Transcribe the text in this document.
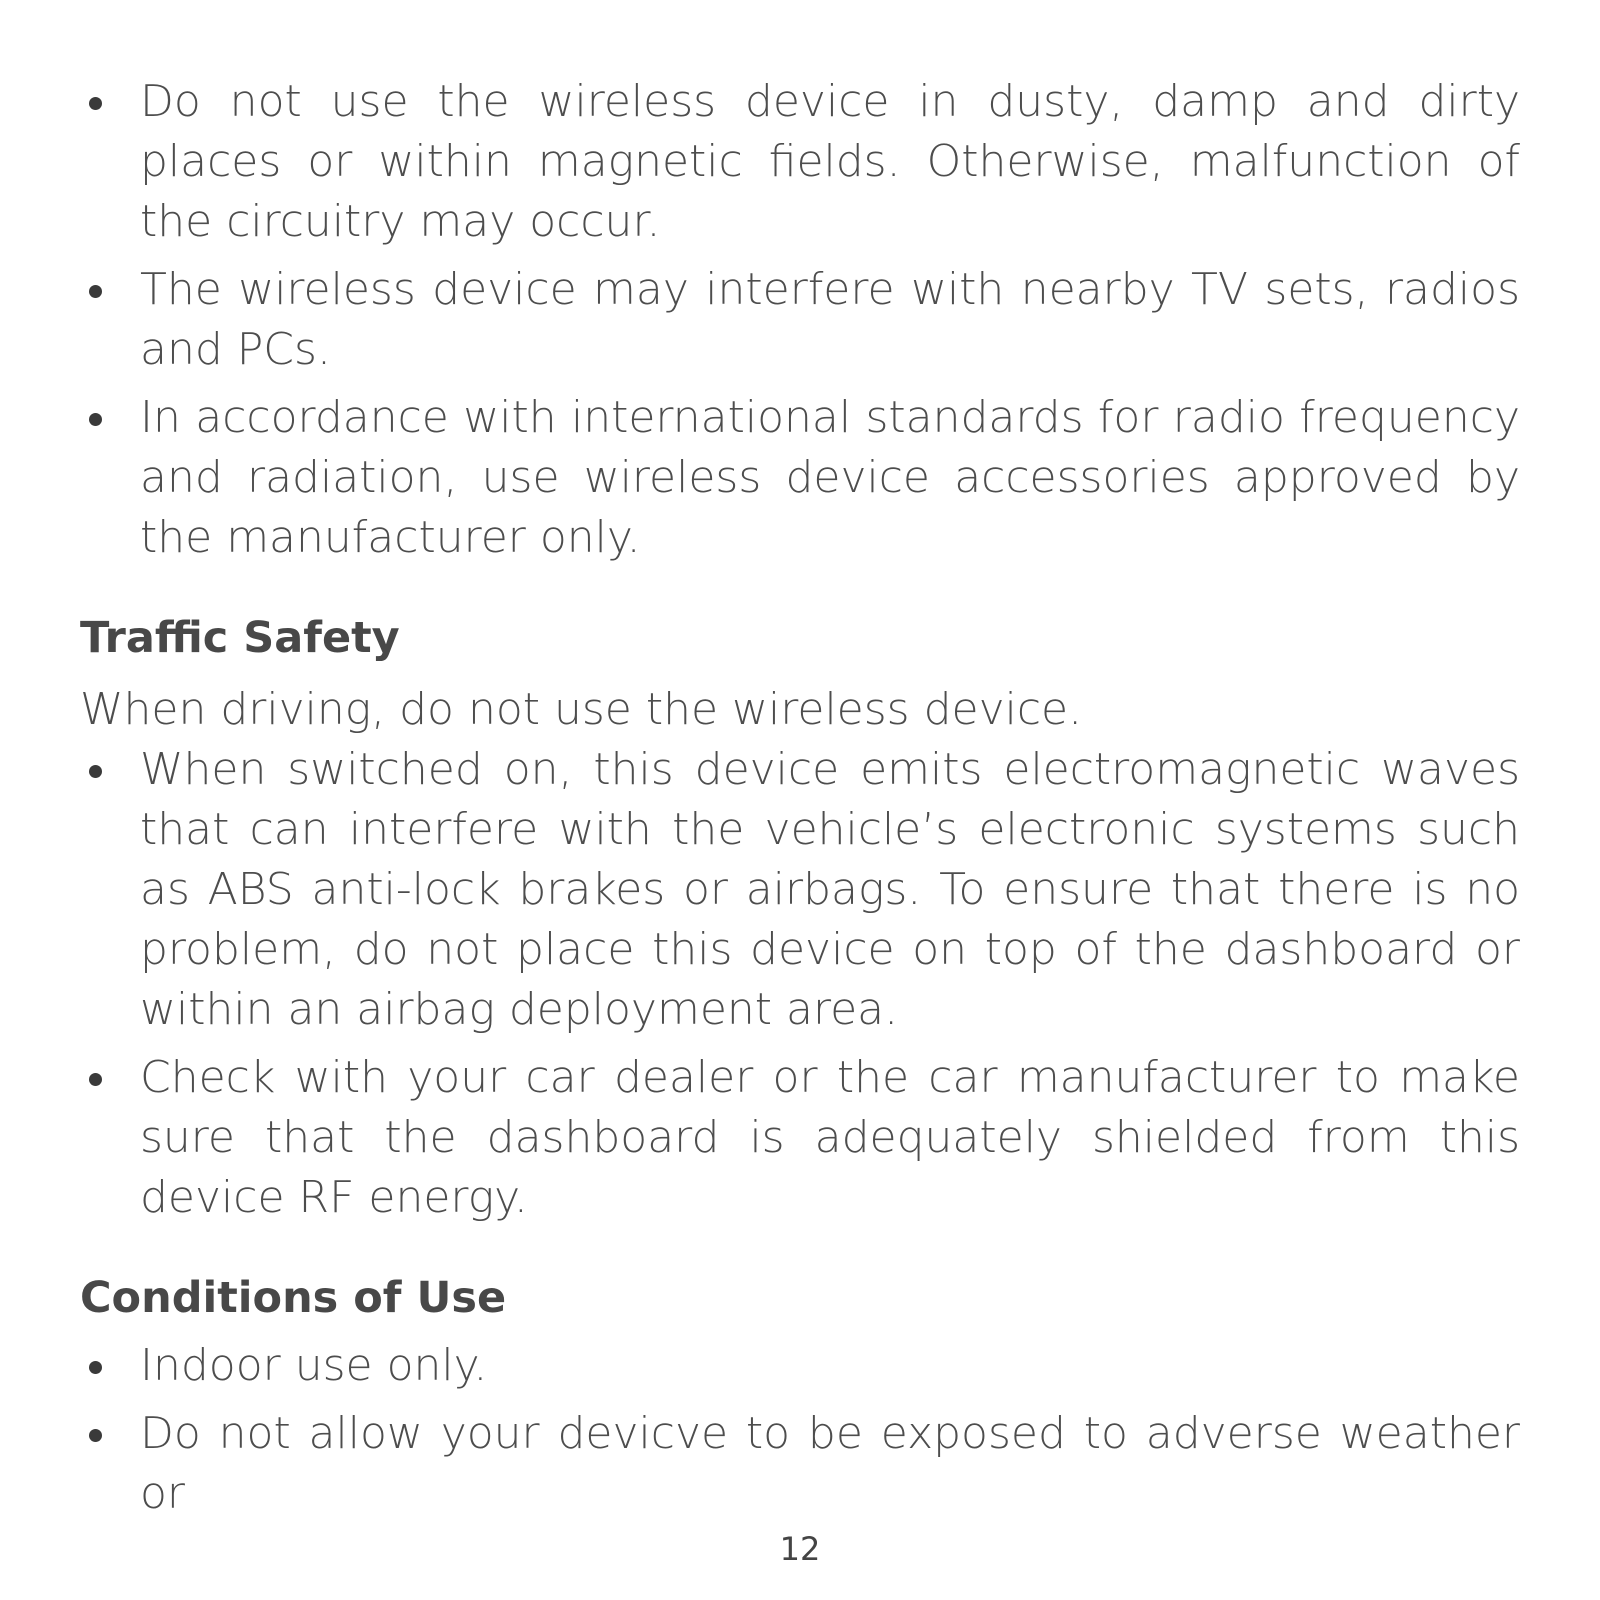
Do not use the wireless device in dusty, damp and dirty places or within magnetic fields. Otherwise, malfunction of the circuitry may occur.
The wireless device may interfere with nearby TV sets, radios and PCs.
In accordance with international standards for radio frequency and radiation, use wireless device accessories approved by the manufacturer only.
Traffic Safety

When driving, do not use the wireless device.

When switched on, this device emits electromagnetic waves that can interfere with the vehicle’s electronic systems such as ABS anti-lock brakes or airbags. To ensure that there is no problem, do not place this device on top of the dashboard or within an airbag deployment area.
Check with your car dealer or the car manufacturer to make sure that the dashboard is adequately shielded from this device RF energy.
Conditions of Use
Indoor use only.
Do not allow your devicve to be exposed to adverse weather or
12
